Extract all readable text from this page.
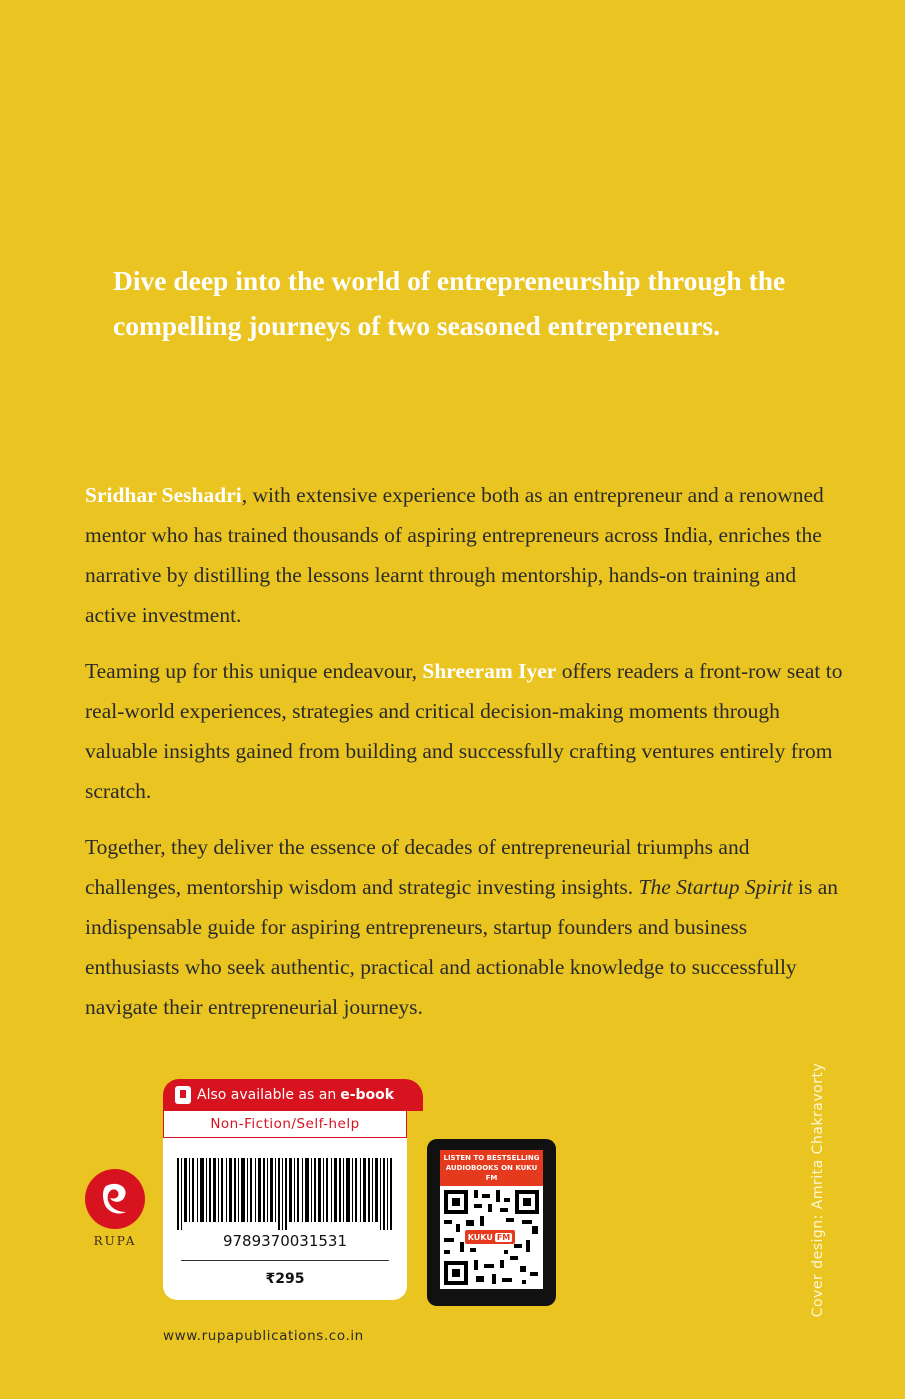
Dive deep into the world of entrepreneurship through the compelling journeys of two seasoned entrepreneurs.

Sridhar Seshadri, with extensive experience both as an entrepreneur and a renowned mentor who has trained thousands of aspiring entrepreneurs across India, enriches the narrative by distilling the lessons learnt through mentorship, hands-on training and active investment.

Teaming up for this unique endeavour, Shreeram Iyer offers readers a front-row seat to real-world experiences, strategies and critical decision-making moments through valuable insights gained from building and successfully crafting ventures entirely from scratch.

Together, they deliver the essence of decades of entrepreneurial triumphs and challenges, mentorship wisdom and strategic investing insights. The Startup Spirit is an indispensable guide for aspiring entrepreneurs, startup founders and business enthusiasts who seek authentic, practical and actionable knowledge to successfully navigate their entrepreneurial journeys.

Cover design: Amrita Chakravorty
RUPA
Also available as an e-book
Non-Fiction/Self-help
9789370031531
₹295
www.rupapublications.co.in
LISTEN TO BESTSELLING AUDIOBOOKS ON KUKU FM
KUKU FM
